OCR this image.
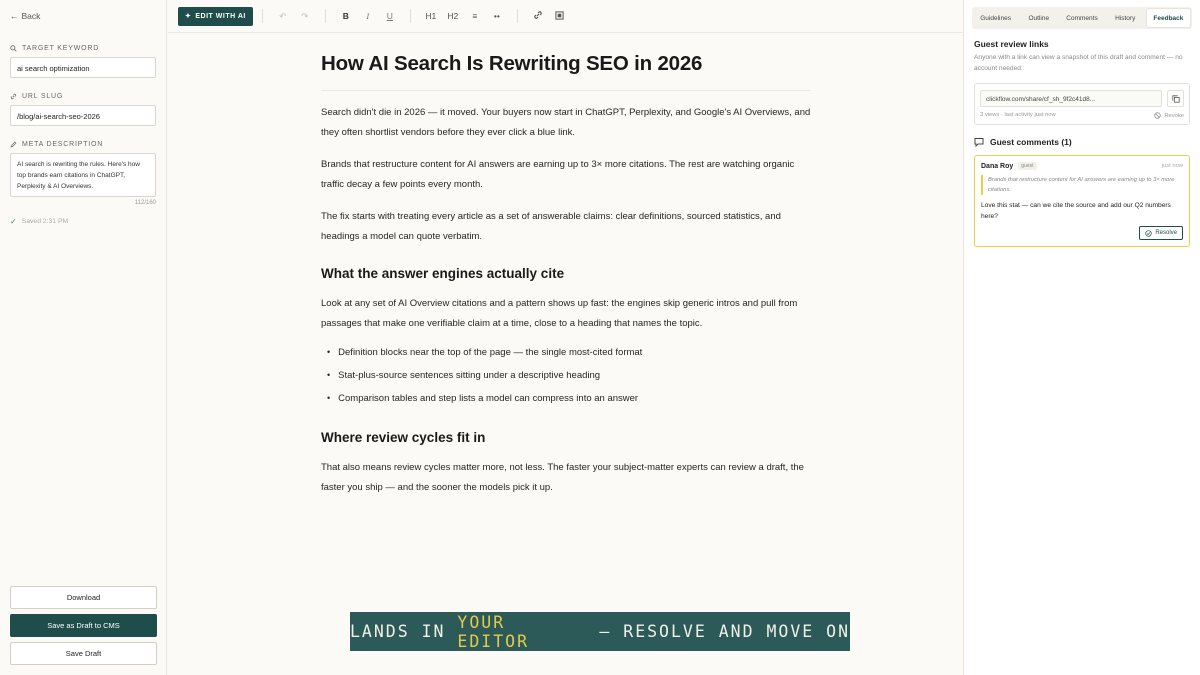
← Back
TARGET KEYWORD
ai search optimization
URL SLUG
/blog/ai-search-seo-2026
META DESCRIPTION
AI search is rewriting the rules. Here's how top brands earn citations in ChatGPT, Perplexity & AI Overviews.
112/160
✓ Saved 2:31 PM
Download
Save as Draft to CMS
Save Draft
✦ EDIT WITH AI	↶	↷	B	I	U	H1	H2	≡	••
How AI Search Is Rewriting SEO in 2026

Search didn't die in 2026 — it moved. Your buyers now start in ChatGPT, Perplexity, and Google's AI Overviews, and they often shortlist vendors before they ever click a blue link.

Brands that restructure content for AI answers are earning up to 3× more citations. The rest are watching organic traffic decay a few points every month.

The fix starts with treating every article as a set of answerable claims: clear definitions, sourced statistics, and headings a model can quote verbatim.

What the answer engines actually cite

Look at any set of AI Overview citations and a pattern shows up fast: the engines skip generic intros and pull from passages that make one verifiable claim at a time, close to a heading that names the topic.

• Definition blocks near the top of the page — the single most-cited format
• Stat-plus-source sentences sitting under a descriptive heading
• Comparison tables and step lists a model can compress into an answer
Where review cycles fit in

That also means review cycles matter more, not less. The faster your subject-matter experts can review a draft, the faster you ship — and the sooner the models pick it up.

LANDS IN YOUR EDITOR	— RESOLVE AND MOVE ON
Guidelines	Outline	Comments	History	Feedback
Guest review links
Anyone with a link can view a snapshot of this draft and comment — no account needed.
clickflow.com/share/cf_sh_9f2c41d8...
3 views · last activity just now	Revoke
Guest comments (1)
Dana Roy	guest	just now
Brands that restructure content for AI answers are earning up to 3× more citations.
Love this stat — can we cite the source and add our Q2 numbers here?
Resolve
